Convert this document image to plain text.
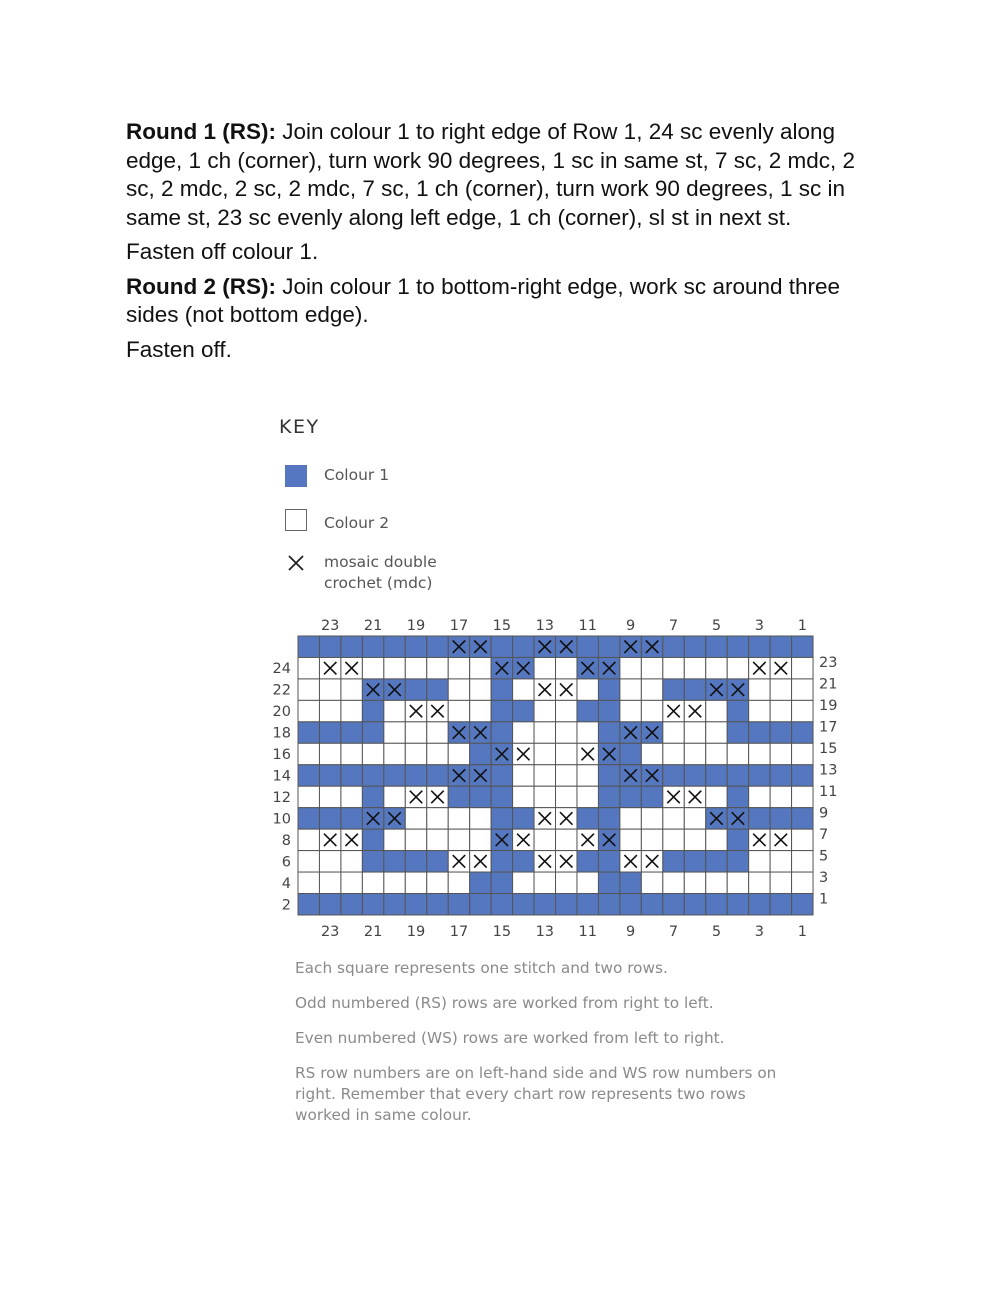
Round 1 (RS): Join colour 1 to right edge of Row 1, 24 sc evenly along edge, 1 ch (corner), turn work 90 degrees, 1 sc in same st, 7 sc, 2 mdc, 2 sc, 2 mdc, 2 sc, 2 mdc, 7 sc, 1 ch (corner), turn work 90 degrees, 1 sc in same st, 23 sc evenly along left edge, 1 ch (corner), sl st in next st.

Fasten off colour 1.

Round 2 (RS): Join colour 1 to bottom-right edge, work sc around three sides (not bottom edge).

Fasten off.

KEY
Colour 1
Colour 2
mosaic double
crochet (mdc)
23 21 19 17 15 13 11 9 7 5 3 1
23 21 19 17 15 13 11 9 7 5 3 1
24
22
20
18
16
14
12
10
8
6
4
2
23
21
19
17
15
13
11
9
7
5
3
1

Each square represents one stitch and two rows.

Odd numbered (RS) rows are worked from right to left.

Even numbered (WS) rows are worked from left to right.

RS row numbers are on left-hand side and WS row numbers on right. Remember that every chart row represents two rows worked in same colour.
